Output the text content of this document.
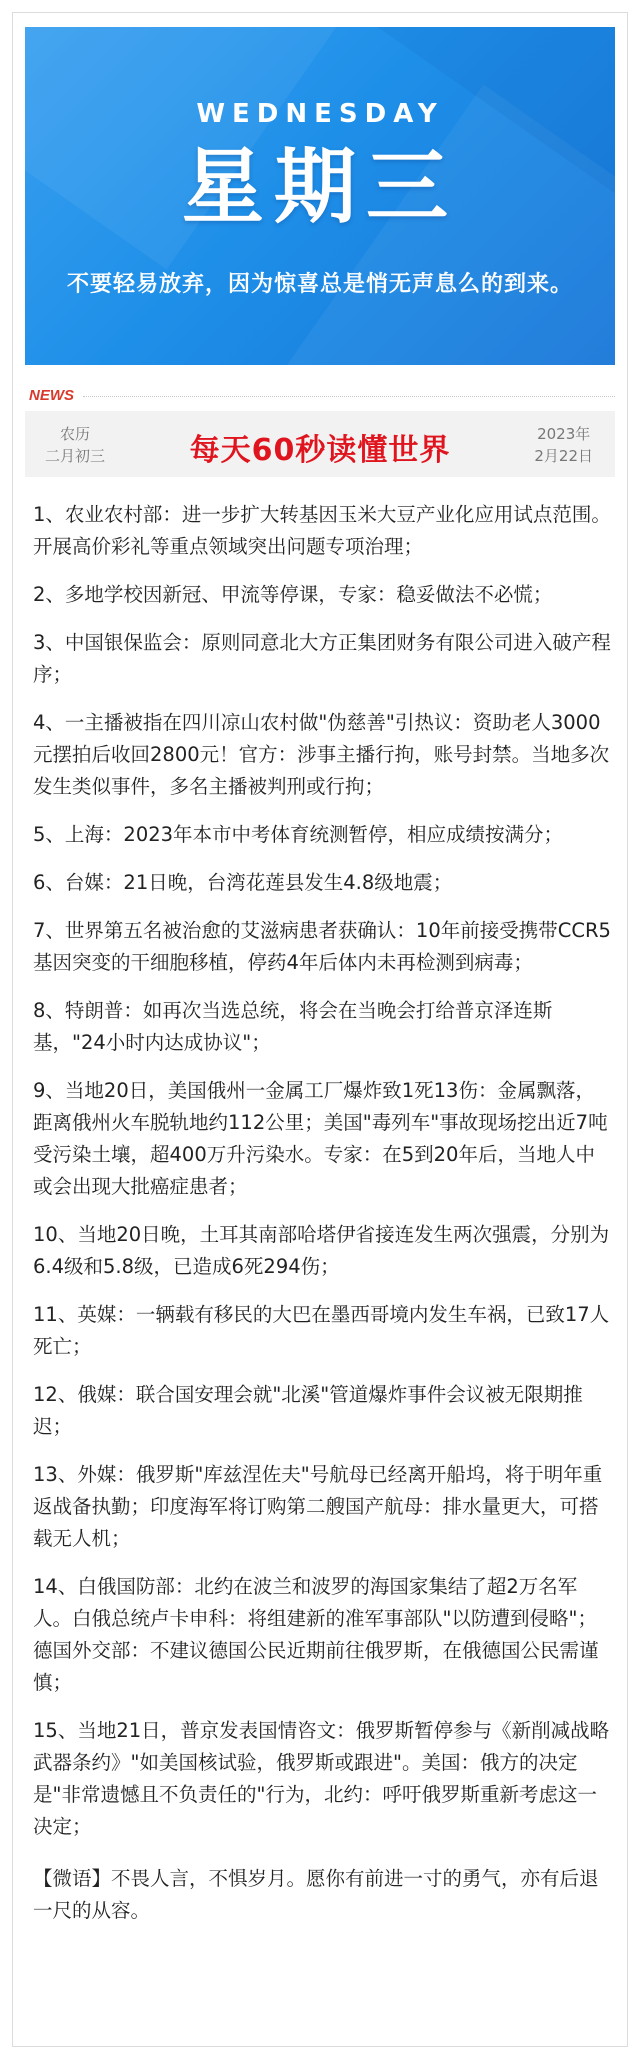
WEDNESDAY
星期三
不要轻易放弃，因为惊喜总是悄无声息么的到来。
NEWS
农历
二月初三	每天60秒读懂世界	2023年
2月22日

1、农业农村部：进一步扩大转基因玉米大豆产业化应用试点范围。开展高价彩礼等重点领域突出问题专项治理；

2、多地学校因新冠、甲流等停课，专家：稳妥做法不必慌；

3、中国银保监会：原则同意北大方正集团财务有限公司进入破产程序；

4、一主播被指在四川凉山农村做"伪慈善"引热议：资助老人3000元摆拍后收回2800元！官方：涉事主播行拘，账号封禁。当地多次发生类似事件，多名主播被判刑或行拘；

5、上海：2023年本市中考体育统测暂停，相应成绩按满分；

6、台媒：21日晚，台湾花莲县发生4.8级地震；

7、世界第五名被治愈的艾滋病患者获确认：10年前接受携带CCR5基因突变的干细胞移植，停药4年后体内未再检测到病毒；

8、特朗普：如再次当选总统，将会在当晚会打给普京泽连斯基，"24小时内达成协议"；

9、当地20日，美国俄州一金属工厂爆炸致1死13伤：金属飘落，距离俄州火车脱轨地约112公里；美国"毒列车"事故现场挖出近7吨受污染土壤，超400万升污染水。专家：在5到20年后，当地人中或会出现大批癌症患者；

10、当地20日晚，土耳其南部哈塔伊省接连发生两次强震，分别为6.4级和5.8级，已造成6死294伤；

11、英媒：一辆载有移民的大巴在墨西哥境内发生车祸，已致17人死亡；

12、俄媒：联合国安理会就"北溪"管道爆炸事件会议被无限期推迟；

13、外媒：俄罗斯"库兹涅佐夫"号航母已经离开船坞，将于明年重返战备执勤；印度海军将订购第二艘国产航母：排水量更大，可搭载无人机；

14、白俄国防部：北约在波兰和波罗的海国家集结了超2万名军人。白俄总统卢卡申科：将组建新的准军事部队"以防遭到侵略"；德国外交部：不建议德国公民近期前往俄罗斯，在俄德国公民需谨慎；

15、当地21日，普京发表国情咨文：俄罗斯暂停参与《新削减战略武器条约》"如美国核试验，俄罗斯或跟进"。美国：俄方的决定是"非常遗憾且不负责任的"行为，北约：呼吁俄罗斯重新考虑这一决定；

【微语】不畏人言，不惧岁月。愿你有前进一寸的勇气，亦有后退一尺的从容。
